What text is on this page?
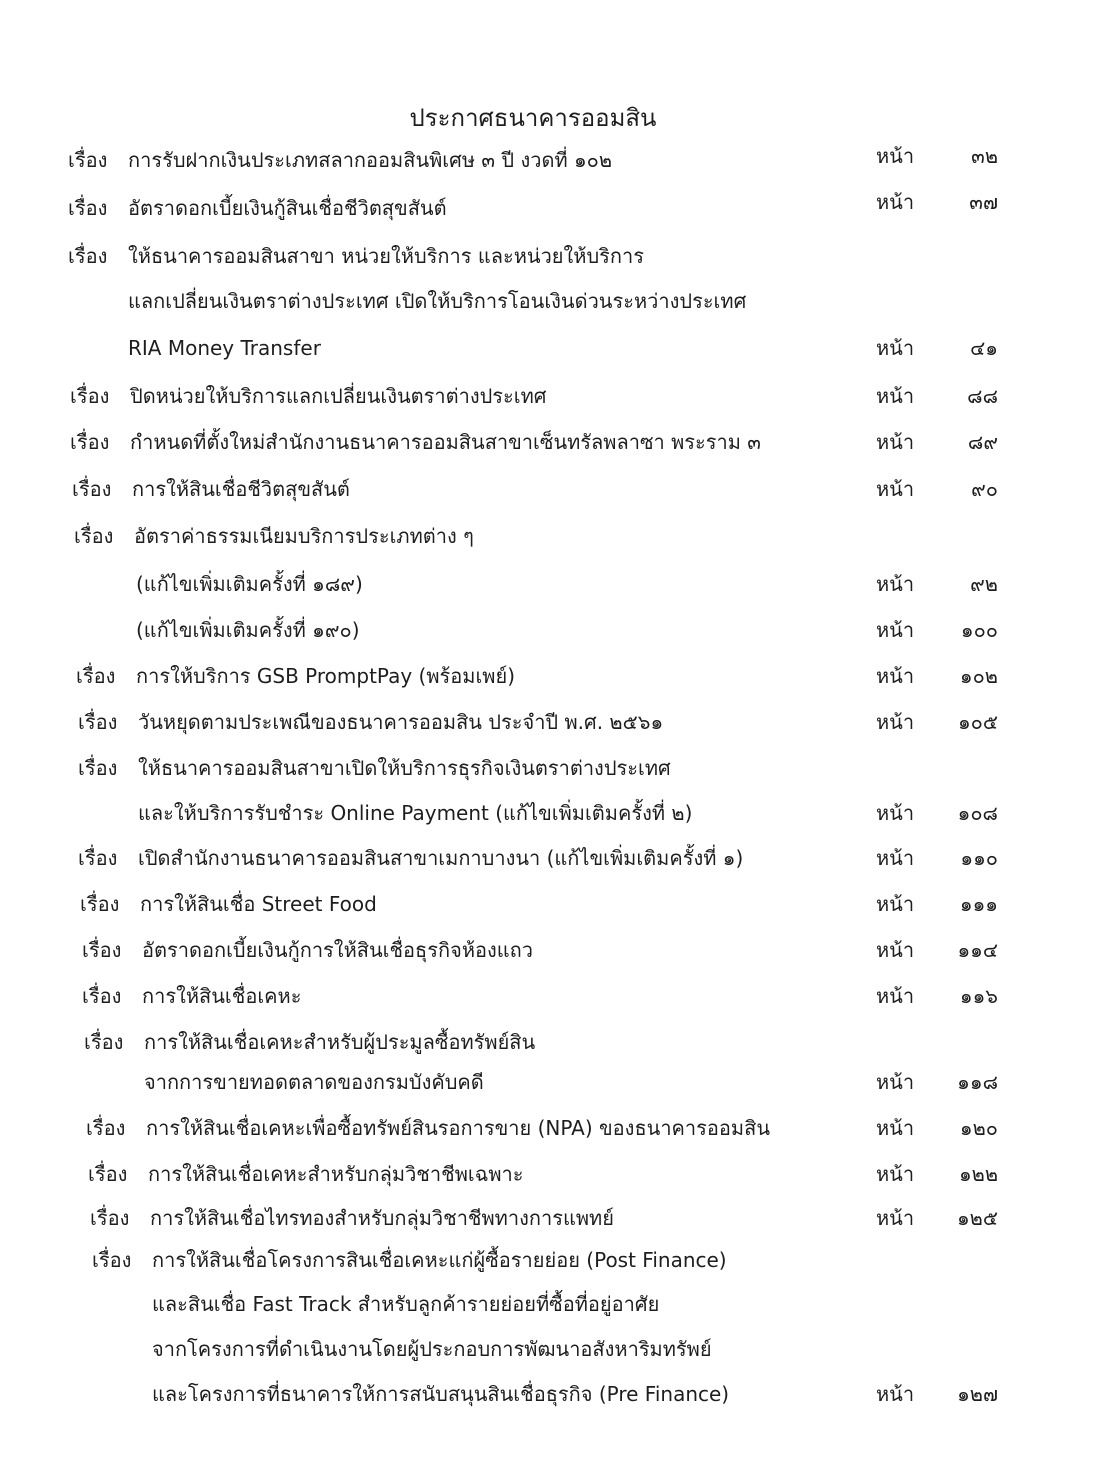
ประกาศธนาคารออมสิน
เรื่อง การรับฝากเงินประเภทสลากออมสินพิเศษ ๓ ปี งวดที่ ๑๐๒	หน้า	๓๒
เรื่อง อัตราดอกเบี้ยเงินกู้สินเชื่อชีวิตสุขสันต์	หน้า	๓๗
เรื่อง ให้ธนาคารออมสินสาขา หน่วยให้บริการ และหน่วยให้บริการ
แลกเปลี่ยนเงินตราต่างประเทศ เปิดให้บริการโอนเงินด่วนระหว่างประเทศ
RIA Money Transfer	หน้า	๔๑
เรื่อง ปิดหน่วยให้บริการแลกเปลี่ยนเงินตราต่างประเทศ	หน้า	๘๘
เรื่อง กำหนดที่ตั้งใหม่สำนักงานธนาคารออมสินสาขาเซ็นทรัลพลาซา พระราม ๓	หน้า	๘๙
เรื่อง การให้สินเชื่อชีวิตสุขสันต์	หน้า	๙๐
เรื่อง อัตราค่าธรรมเนียมบริการประเภทต่าง ๆ
(แก้ไขเพิ่มเติมครั้งที่ ๑๘๙)	หน้า	๙๒
(แก้ไขเพิ่มเติมครั้งที่ ๑๙๐)	หน้า	๑๐๐
เรื่อง การให้บริการ GSB PromptPay (พร้อมเพย์)	หน้า	๑๐๒
เรื่อง วันหยุดตามประเพณีของธนาคารออมสิน ประจำปี พ.ศ. ๒๕๖๑	หน้า	๑๐๕
เรื่อง ให้ธนาคารออมสินสาขาเปิดให้บริการธุรกิจเงินตราต่างประเทศ
และให้บริการรับชำระ Online Payment (แก้ไขเพิ่มเติมครั้งที่ ๒)	หน้า	๑๐๘
เรื่อง เปิดสำนักงานธนาคารออมสินสาขาเมกาบางนา (แก้ไขเพิ่มเติมครั้งที่ ๑)	หน้า	๑๑๐
เรื่อง การให้สินเชื่อ Street Food	หน้า	๑๑๑
เรื่อง อัตราดอกเบี้ยเงินกู้การให้สินเชื่อธุรกิจห้องแถว	หน้า	๑๑๔
เรื่อง การให้สินเชื่อเคหะ	หน้า	๑๑๖
เรื่อง การให้สินเชื่อเคหะสำหรับผู้ประมูลซื้อทรัพย์สิน
จากการขายทอดตลาดของกรมบังคับคดี	หน้า	๑๑๘
เรื่อง การให้สินเชื่อเคหะเพื่อซื้อทรัพย์สินรอการขาย (NPA) ของธนาคารออมสิน	หน้า	๑๒๐
เรื่อง การให้สินเชื่อเคหะสำหรับกลุ่มวิชาชีพเฉพาะ	หน้า	๑๒๒
เรื่อง การให้สินเชื่อไทรทองสำหรับกลุ่มวิชาชีพทางการแพทย์	หน้า	๑๒๕
เรื่อง การให้สินเชื่อโครงการสินเชื่อเคหะแก่ผู้ซื้อรายย่อย (Post Finance)
และสินเชื่อ Fast Track สำหรับลูกค้ารายย่อยที่ซื้อที่อยู่อาศัย
จากโครงการที่ดำเนินงานโดยผู้ประกอบการพัฒนาอสังหาริมทรัพย์
และโครงการที่ธนาคารให้การสนับสนุนสินเชื่อธุรกิจ (Pre Finance)	หน้า	๑๒๗
